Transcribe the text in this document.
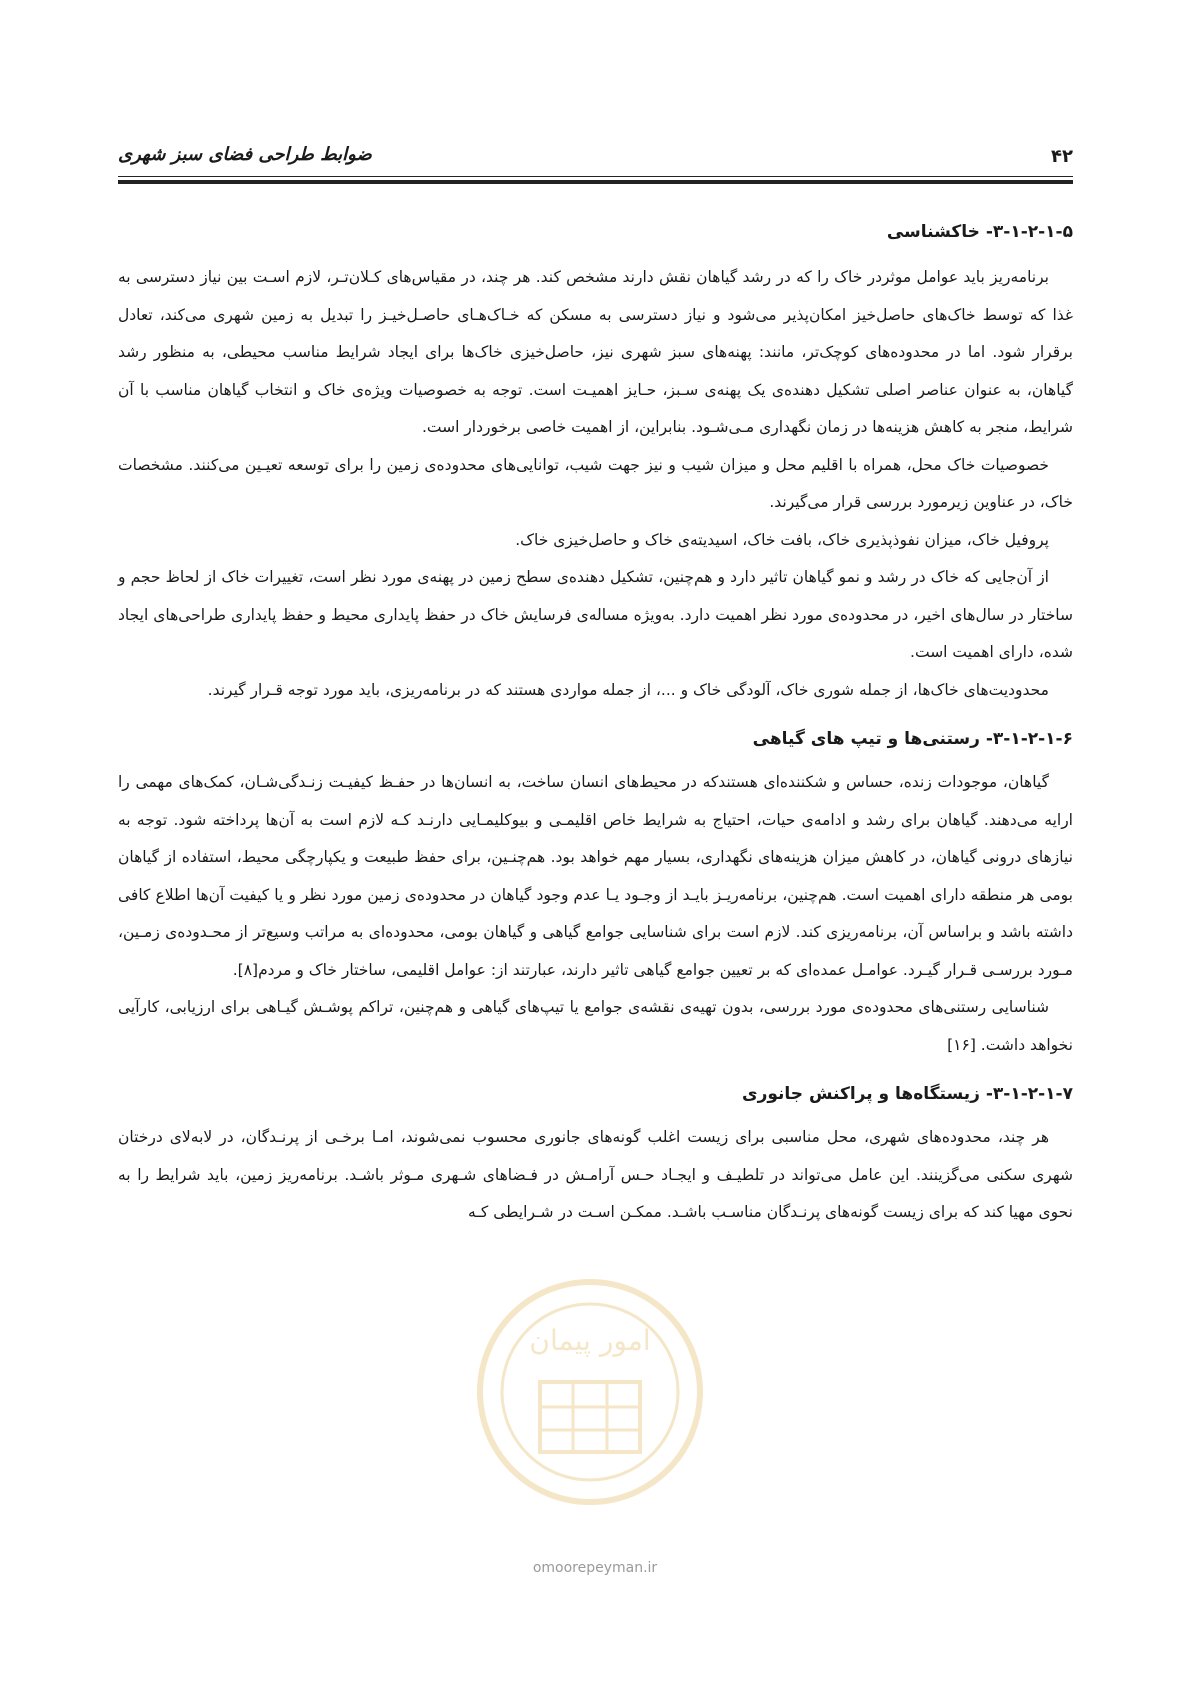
۴۲
ضوابط طراحی فضای سبز شهری
۳-۱-۲-۱-۵- خاکشناسی

برنامه‌ریز باید عوامل موثردر خاک را که در رشد گیاهان نقش دارند مشخص کند. هر چند، در مقیاس‌های کـلان‌تـر، لازم اسـت بین نیاز دسترسی به غذا که توسط خاک‌های حاصل‌خیز امکان‌پذیر می‌شود و نیاز دسترسی به مسکن که خـاک‌هـای حاصـل‌خیـز را تبدیل به زمین شهری می‌کند، تعادل برقرار شود. اما در محدوده‌های کوچک‌تر، مانند: پهنه‌های سبز شهری نیز، حاصل‌خیزی خاک‌ها برای ایجاد شرایط مناسب محیطی، به منظور رشد گیاهان، به عنوان عناصر اصلی تشکیل دهنده‌ی یک پهنه‌ی سـبز، حـایز اهمیـت است. توجه به خصوصیات ویژه‌ی خاک و انتخاب گیاهان مناسب با آن شرایط، منجر به کاهش هزینه‌ها در زمان نگهداری مـی‌شـود. بنابراین، از اهمیت خاصی برخوردار است.

خصوصیات خاک محل، همراه با اقلیم محل و میزان شیب و نیز جهت شیب، توانایی‌های محدوده‌ی زمین را برای توسعه تعیـین می‌کنند. مشخصات خاک، در عناوین زیرمورد بررسی قرار می‌گیرند.

پروفیل خاک، میزان نفوذپذیری خاک، بافت خاک، اسیدیته‌ی خاک و حاصل‌خیزی خاک.

از آن‌جایی که خاک در رشد و نمو گیاهان تاثیر دارد و هم‌چنین، تشکیل دهنده‌ی سطح زمین در پهنه‌ی مورد نظر است، تغییرات خاک از لحاظ حجم و ساختار در سال‌های اخیر، در محدوده‌ی مورد نظر اهمیت دارد. به‌ویژه مساله‌ی فرسایش خاک در حفظ پایداری محیط و حفظ پایداری طراحی‌های ایجاد شده، دارای اهمیت است.

محدودیت‌های خاک‌ها، از جمله شوری خاک، آلودگی خاک و ...، از جمله مواردی هستند که در برنامه‌ریزی، باید مورد توجه قـرار گیرند.

۳-۱-۲-۱-۶- رستنی‌ها و تیپ های گیاهی

گیاهان، موجودات زنده، حساس و شکننده‌ای هستندکه در محیط‌های انسان ساخت، به انسان‌ها در حفـظ کیفیـت زنـدگی‌شـان، کمک‌های مهمی را ارایه می‌دهند. گیاهان برای رشد و ادامه‌ی حیات، احتیاج به شرایط خاص اقلیمـی و بیوکلیمـایی دارنـد کـه لازم است به آن‌ها پرداخته شود. توجه به نیازهای درونی گیاهان، در کاهش میزان هزینه‌های نگهداری، بسیار مهم خواهد بود. هم‌چنـین، برای حفظ طبیعت و یکپارچگی محیط، استفاده از گیاهان بومی هر منطقه دارای اهمیت است. هم‌چنین، برنامه‌ریـز بایـد از وجـود یـا عدم وجود گیاهان در محدوده‌ی زمین مورد نظر و یا کیفیت آن‌ها اطلاع کافی داشته باشد و براساس آن، برنامه‌ریزی کند. لازم است برای شناسایی جوامع گیاهی و گیاهان بومی، محدوده‌ای به مراتب وسیع‌تر از محـدوده‌ی زمـین، مـورد بررسـی قـرار گیـرد. عوامـل عمده‌ای که بر تعیین جوامع گیاهی تاثیر دارند، عبارتند از: عوامل اقلیمی، ساختار خاک و مردم[۸].

شناسایی رستنی‌های محدوده‌ی مورد بررسی، بدون تهیه‌ی نقشه‌ی جوامع یا تیپ‌های گیاهی و هم‌چنین، تراکم پوشـش گیـاهی برای ارزیابی، کارآیی نخواهد داشت. [۱۶]

۳-۱-۲-۱-۷- زیستگاه‌ها و پراکنش جانوری

هر چند، محدوده‌های شهری، محل مناسبی برای زیست اغلب گونه‌های جانوری محسوب نمی‌شوند، امـا برخـی از پرنـدگان، در لابه‌لای درختان شهری سکنی می‌گزینند. این عامل می‌تواند در تلطیـف و ایجـاد حـس آرامـش در فـضاهای شـهری مـوثر باشـد. برنامه‌ریز زمین، باید شرایط را به نحوی مهیا کند که برای زیست گونه‌های پرنـدگان مناسـب باشـد. ممکـن اسـت در شـرایطی کـه

امور پیمان
omoorepeyman.ir
